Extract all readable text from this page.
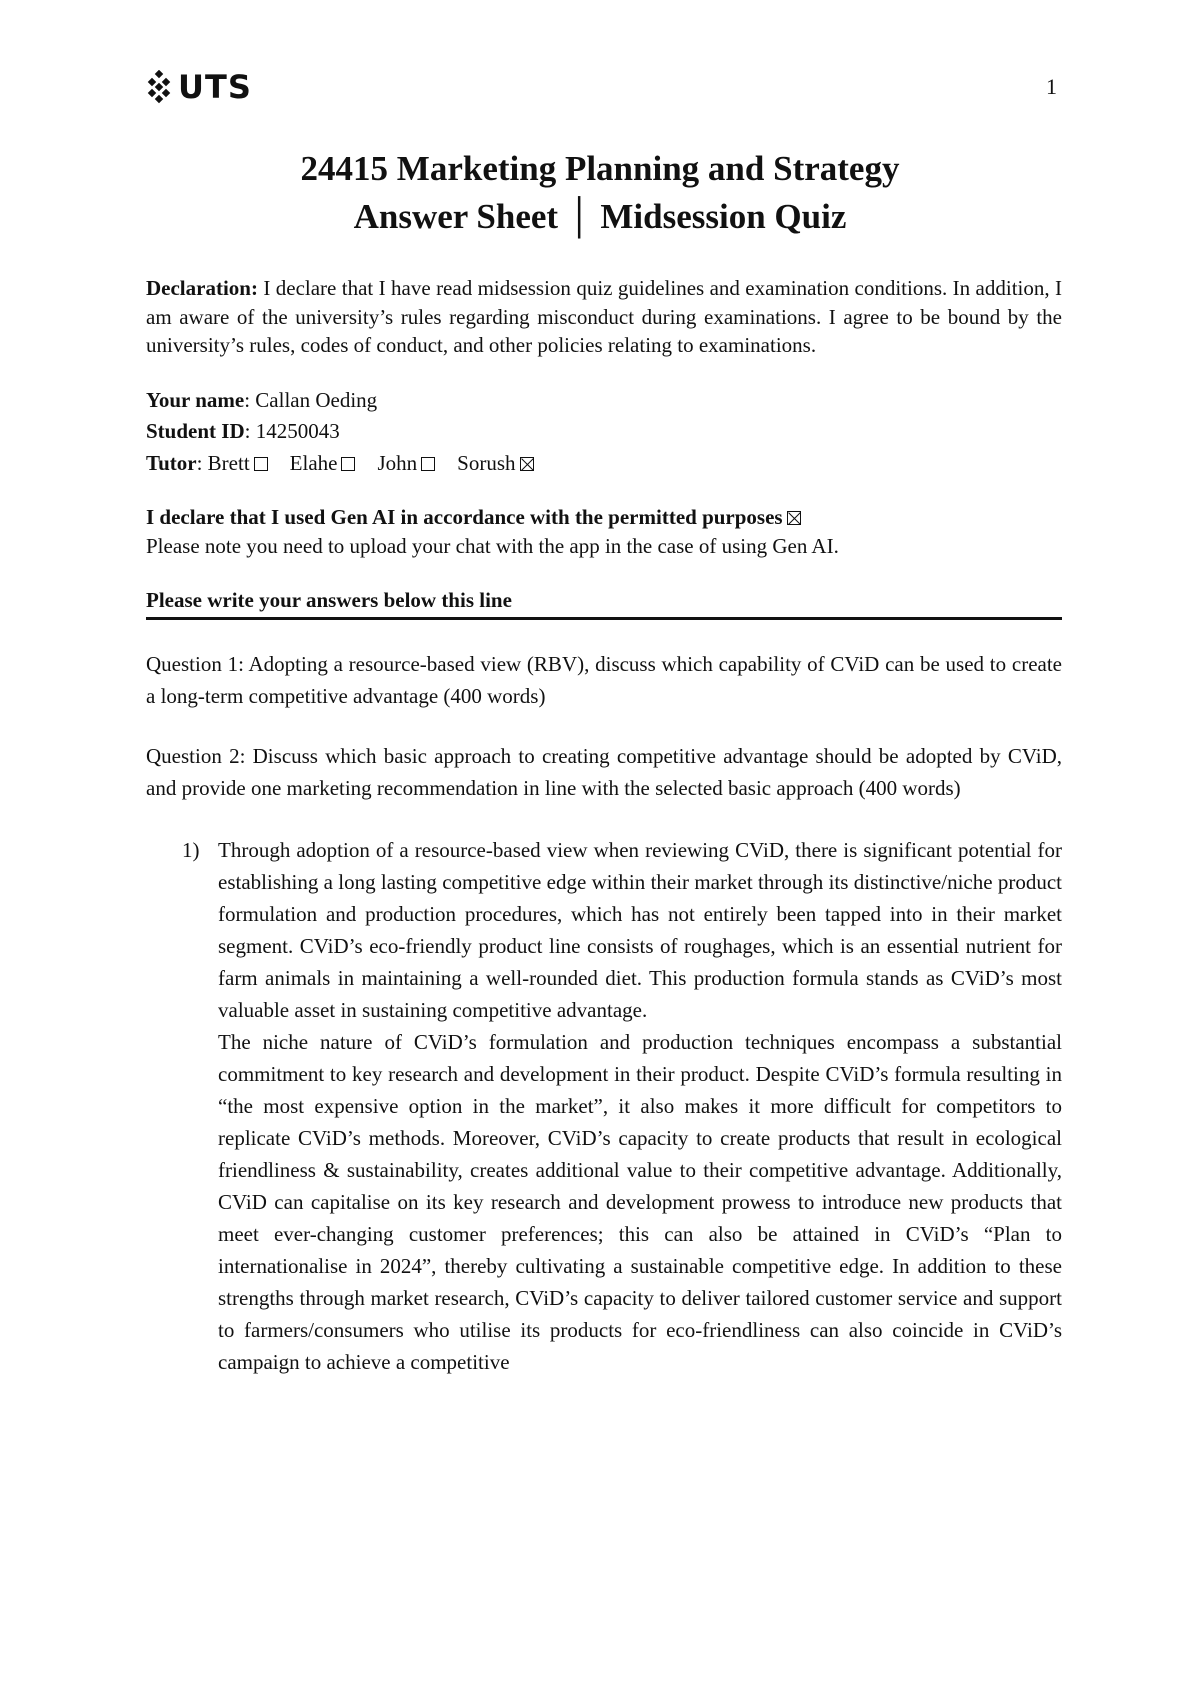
UTS	1
24415 Marketing Planning and Strategy
Answer Sheet │ Midsession Quiz

Declaration: I declare that I have read midsession quiz guidelines and examination conditions. In addition, I am aware of the university’s rules regarding misconduct during examinations. I agree to be bound by the university’s rules, codes of conduct, and other policies relating to examinations.

Your name: Callan Oeding

Student ID: 14250043

Tutor: Brett Elahe John Sorush

I declare that I used Gen AI in accordance with the permitted purposes

Please note you need to upload your chat with the app in the case of using Gen AI.

Please write your answers below this line

Question 1: Adopting a resource-based view (RBV), discuss which capability of CViD can be used to create a long-term competitive advantage (400 words)

Question 2: Discuss which basic approach to creating competitive advantage should be adopted by CViD, and provide one marketing recommendation in line with the selected basic approach (400 words)

1) Through adoption of a resource-based view when reviewing CViD, there is significant potential for establishing a long lasting competitive edge within their market through its distinctive/niche product formulation and production procedures, which has not entirely been tapped into in their market segment. CViD’s eco-friendly product line consists of roughages, which is an essential nutrient for farm animals in maintaining a well-rounded diet. This production formula stands as CViD’s most valuable asset in sustaining competitive advantage.

The niche nature of CViD’s formulation and production techniques encompass a substantial commitment to key research and development in their product. Despite CViD’s formula resulting in “the most expensive option in the market”, it also makes it more difficult for competitors to replicate CViD’s methods. Moreover, CViD’s capacity to create products that result in ecological friendliness & sustainability, creates additional value to their competitive advantage. Additionally, CViD can capitalise on its key research and development prowess to introduce new products that meet ever-changing customer preferences; this can also be attained in CViD’s “Plan to internationalise in 2024”, thereby cultivating a sustainable competitive edge. In addition to these strengths through market research, CViD’s capacity to deliver tailored customer service and support to farmers/consumers who utilise its products for eco-friendliness can also coincide in CViD’s campaign to achieve a competitive
